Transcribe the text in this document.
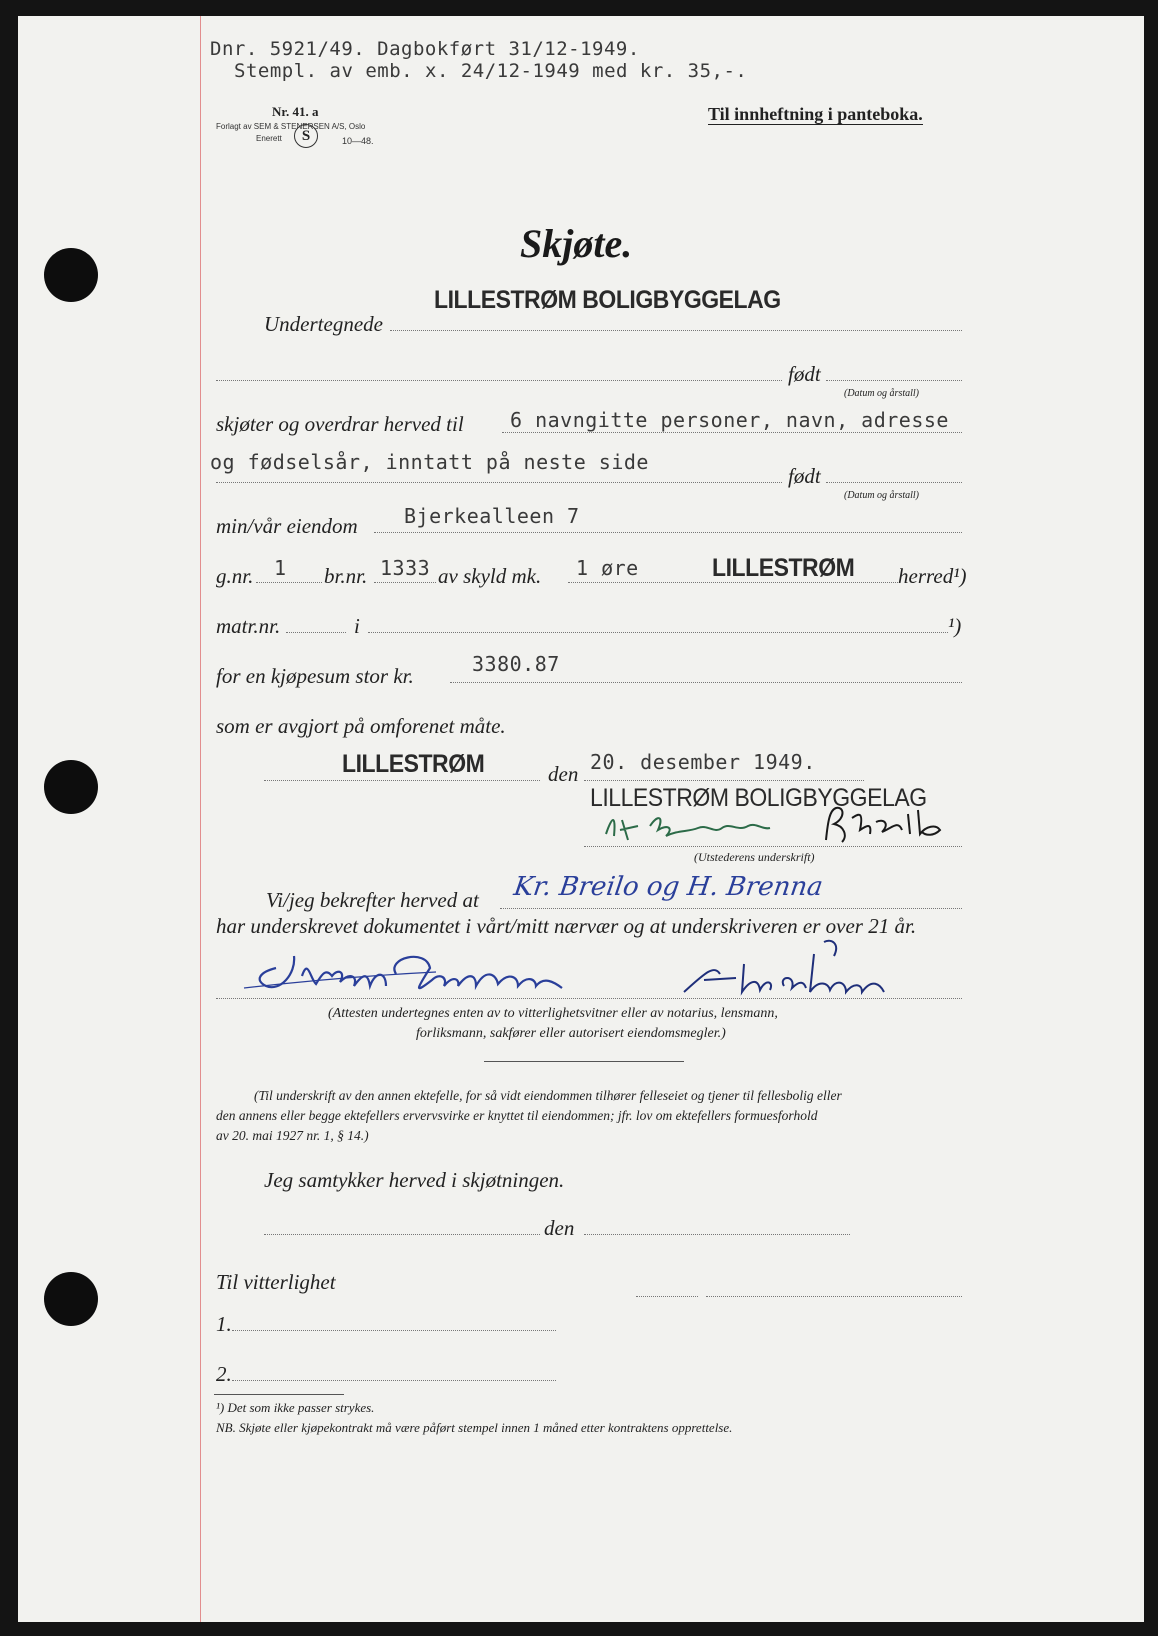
Dnr. 5921/49. Dagbokført 31/12-1949.
Stempl. av emb. x. 24/12-1949 med kr. 35,-.
Nr. 41. a
Forlagt av SEM & STENERSEN A/S, Oslo
Enerett	S	10—48.
Til innheftning i panteboka.
Skjøte.
LILLESTRØM BOLIGBYGGELAG
Undertegnede
født
(Datum og årstall)
skjøter og overdrar herved til 6 navngitte personer, navn, adresse
og fødselsår, inntatt på neste side
født
(Datum og årstall)
min/vår eiendom Bjerkealleen 7
g.nr. 1 br.nr. 1333 av skyld mk. 1 øre	LILLESTRØM herred¹)
matr.nr.	i	¹)
for en kjøpesum stor kr.	3380.87
som er avgjort på omforenet måte.
LILLESTRØM	den 20. desember 1949.
LILLESTRØM BOLIGBYGGELAG
(Utstederens underskrift)
Vi/jeg bekrefter herved at Kr. Breilo og H. Brenna
har underskrevet dokumentet i vårt/mitt nærvær og at underskriveren er over 21 år.
(Attesten undertegnes enten av to vitterlighetsvitner eller av notarius, lensmann,
forliksmann, sakfører eller autorisert eiendomsmegler.)
(Til underskrift av den annen ektefelle, for så vidt eiendommen tilhører felleseiet og tjener til fellesbolig eller
den annens eller begge ektefellers ervervsvirke er knyttet til eiendommen; jfr. lov om ektefellers formuesforhold
av 20. mai 1927 nr. 1, § 14.)
Jeg samtykker herved i skjøtningen.
den
Til vitterlighet
1.
2.
¹) Det som ikke passer strykes.
NB. Skjøte eller kjøpekontrakt må være påført stempel innen 1 måned etter kontraktens opprettelse.
